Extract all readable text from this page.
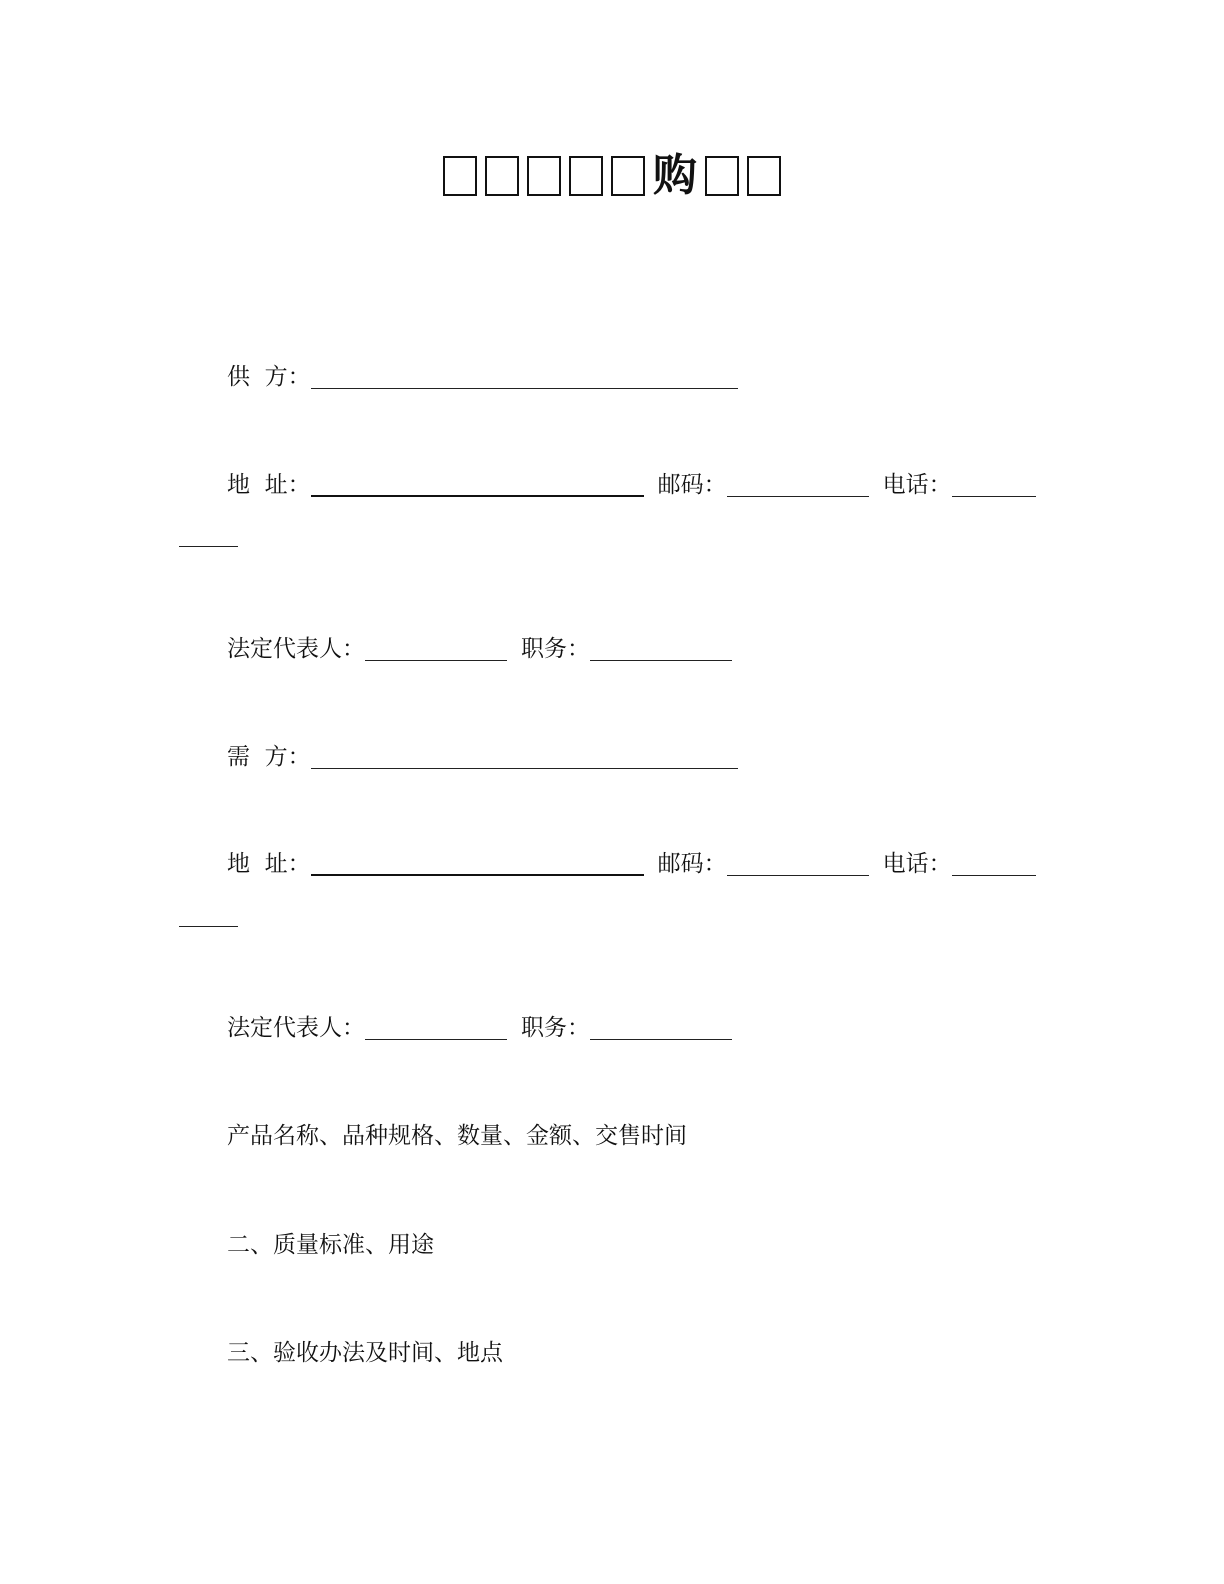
购
供  方：
地  址：	邮码：	电话：
法定代表人：	职务：
需  方：
地  址：	邮码：	电话：
法定代表人：	职务：
产品名称、品种规格、数量、金额、交售时间
二、质量标准、用途
三、验收办法及时间、地点
